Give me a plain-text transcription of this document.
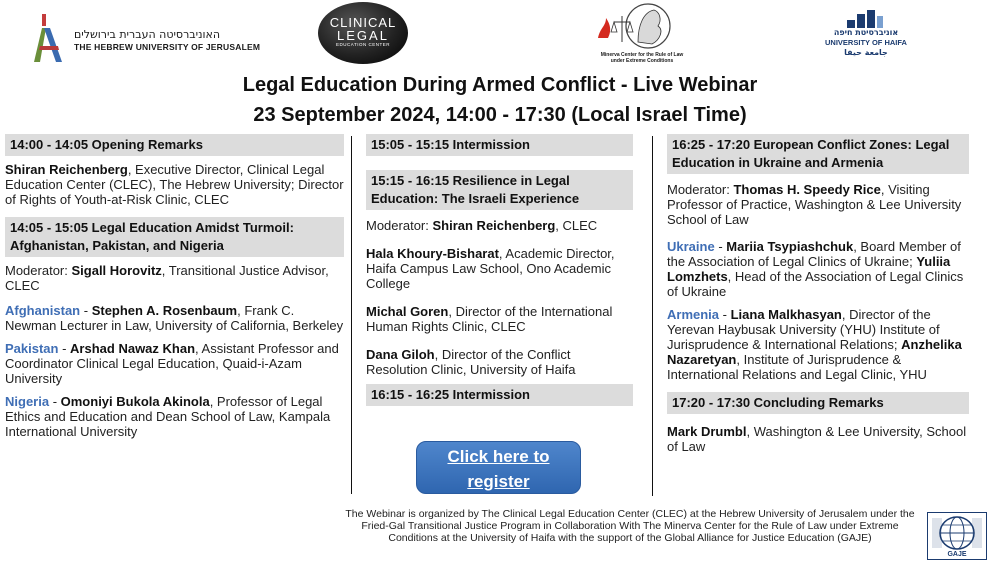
האוניברסיטה העברית בירושלים
THE HEBREW UNIVERSITY OF JERUSALEM
CLINICAL
LEGAL
EDUCATION CENTER
Minerva Center for the Rule of Law
under Extreme Conditions
אוניברסיטת חיפה
UNIVERSITY OF HAIFA
جامعة حيفا
Legal Education During Armed Conflict - Live Webinar
23 September 2024, 14:00 - 17:30 (Local Israel Time)
14:00 - 14:05 Opening Remarks
Shiran Reichenberg, Executive Director, Clinical Legal Education Center (CLEC), The Hebrew University; Director of Rights of Youth-at-Risk Clinic, CLEC
14:05 - 15:05 Legal Education Amidst Turmoil: Afghanistan, Pakistan, and Nigeria
Moderator: Sigall Horovitz, Transitional Justice Advisor, CLEC
Afghanistan - Stephen A. Rosenbaum, Frank C. Newman Lecturer in Law, University of California, Berkeley
Pakistan - Arshad Nawaz Khan, Assistant Professor and Coordinator Clinical Legal Education, Quaid-i-Azam University
Nigeria - Omoniyi Bukola Akinola, Professor of Legal Ethics and Education and Dean School of Law, Kampala International University
15:05 - 15:15 Intermission
15:15 - 16:15 Resilience in Legal Education: The Israeli Experience
Moderator: Shiran Reichenberg, CLEC
Hala Khoury-Bisharat, Academic Director, Haifa Campus Law School, Ono Academic College
Michal Goren, Director of the International Human Rights Clinic, CLEC
Dana Giloh, Director of the Conflict Resolution Clinic, University of Haifa
16:15 - 16:25 Intermission
Click here to
register
16:25 - 17:20 European Conflict Zones: Legal Education in Ukraine and Armenia
Moderator: Thomas H. Speedy Rice, Visiting Professor of Practice, Washington & Lee University School of Law
Ukraine - Mariia Tsypiashchuk, Board Member of the Association of Legal Clinics of Ukraine; Yuliia Lomzhets, Head of the Association of Legal Clinics of Ukraine
Armenia - Liana Malkhasyan, Director of the Yerevan Haybusak University (YHU) Institute of Jurisprudence & International Relations; Anzhelika Nazaretyan, Institute of Jurisprudence & International Relations and Legal Clinic, YHU
17:20 - 17:30 Concluding Remarks
Mark Drumbl, Washington & Lee University, School of Law
The Webinar is organized by The Clinical Legal Education Center (CLEC) at the Hebrew University of Jerusalem under the Fried-Gal Transitional Justice Program in Collaboration With The Minerva Center for the Rule of Law under Extreme Conditions at the University of Haifa with the support of the Global Alliance for Justice Education (GAJE)
GAJE
